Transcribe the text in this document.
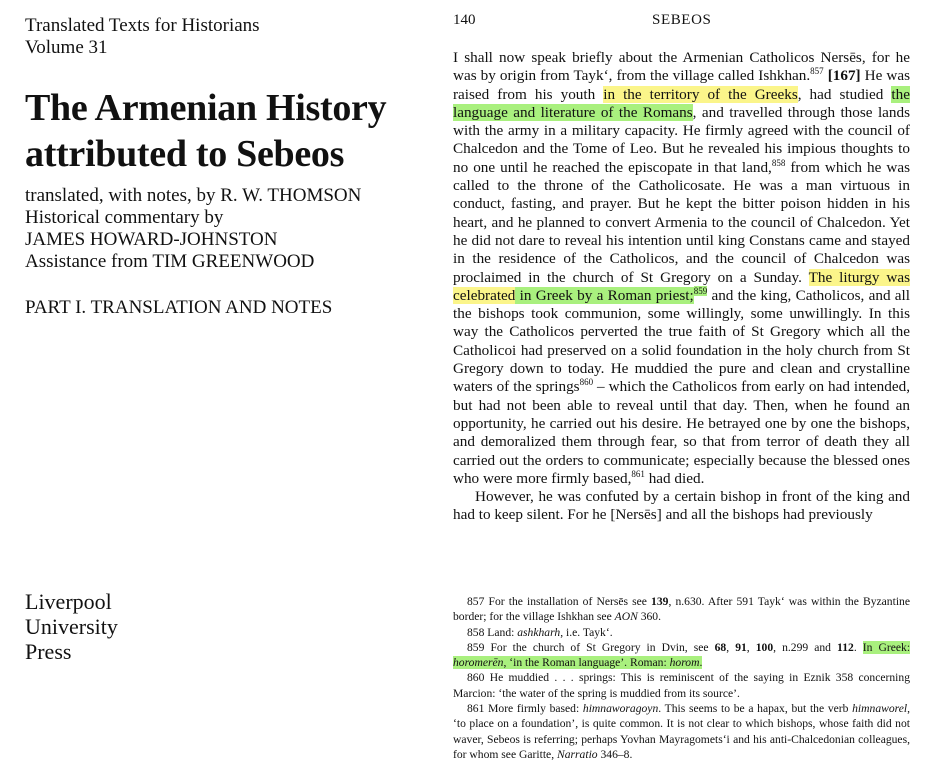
Translated Texts for Historians
Volume 31
The Armenian History
attributed to Sebeos
translated, with notes, by R. W. THOMSON
Historical commentary by
JAMES HOWARD-JOHNSTON
Assistance from TIM GREENWOOD
PART I. TRANSLATION AND NOTES
Liverpool
University
Press
140	SEBEOS

I shall now speak briefly about the Armenian Catholicos Nersēs, for he was by origin from Tayk‘, from the village called Ishkhan.$^{857}$ [167] He was raised from his youth in the territory of the Greeks, had studied the language and literature of the Romans, and travelled through those lands with the army in a military capacity. He firmly agreed with the council of Chalcedon and the Tome of Leo. But he revealed his impious thoughts to no one until he reached the episcopate in that land,$^{858}$ from which he was called to the throne of the Catholicosate. He was a man virtuous in conduct, fasting, and prayer. But he kept the bitter poison hidden in his heart, and he planned to convert Armenia to the council of Chalcedon. Yet he did not dare to reveal his intention until king Constans came and stayed in the residence of the Catholicos, and the council of Chalcedon was proclaimed in the church of St Gregory on a Sunday. The liturgy was celebrated in Greek by a Roman priest;$^{859}$ and the king, Catholicos, and all the bishops took communion, some willingly, some unwillingly. In this way the Catholicos perverted the true faith of St Gregory which all the Catholicoi had preserved on a solid foundation in the holy church from St Gregory down to today. He muddied the pure and clean and crystalline waters of the springs$^{860}$ – which the Catholicos from early on had intended, but had not been able to reveal until that day. Then, when he found an opportunity, he carried out his desire. He betrayed one by one the bishops, and demoralized them through fear, so that from terror of death they all carried out the orders to communicate; especially because the blessed ones who were more firmly based,$^{861}$ had died.

However, he was confuted by a certain bishop in front of the king and had to keep silent. For he [Nersēs] and all the bishops had previously

857 For the installation of Nersēs see 139, n.630. After 591 Tayk‘ was within the Byzantine border; for the village Ishkhan see AON 360.

858 Land: ashkharh, i.e. Tayk‘.

859 For the church of St Gregory in Dvin, see 68, 91, 100, n.299 and 112. In Greek: horomerēn, ‘in the Roman language’. Roman: horom.

860 He muddied . . . springs: This is reminiscent of the saying in Eznik 358 concerning Marcion: ‘the water of the spring is muddied from its source’.

861 More firmly based: himnaworagoyn. This seems to be a hapax, but the verb himnaworel, ‘to place on a foundation’, is quite common. It is not clear to which bishops, whose faith did not waver, Sebeos is referring; perhaps Yovhan Mayragomets‘i and his anti-Chalcedonian colleagues, for whom see Garitte, Narratio 346–8.
